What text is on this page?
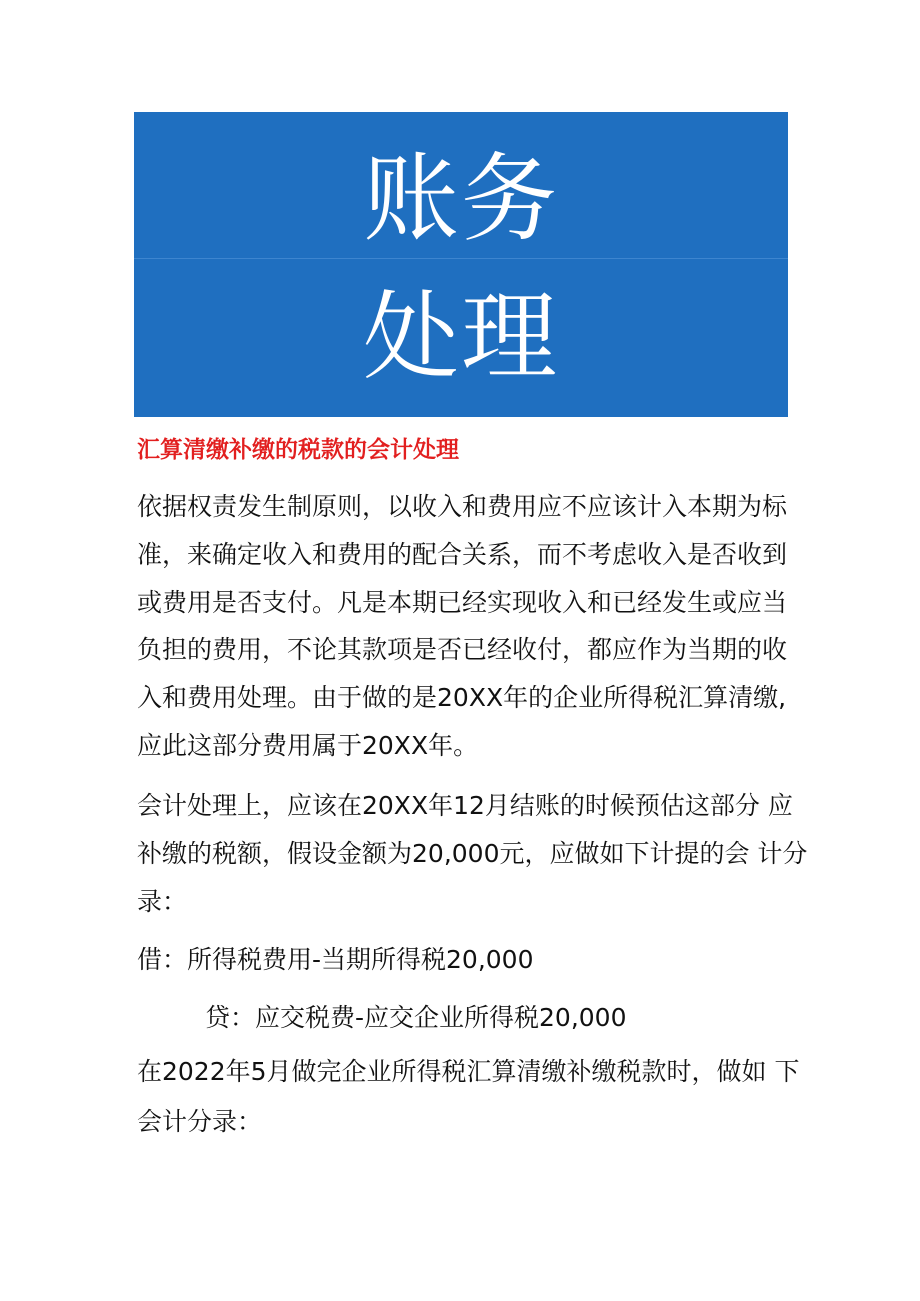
账务
处理
汇算清缴补缴的税款的会计处理
依据权责发生制原则，以收入和费用应不应该计入本期为标
准，来确定收入和费用的配合关系，而不考虑收入是否收到
或费用是否支付。凡是本期已经实现收入和已经发生或应当
负担的费用，不论其款项是否已经收付，都应作为当期的收
入和费用处理。由于做的是20XX年的企业所得税汇算清缴,
应此这部分费用属于20XX年。
会计处理上，应该在20XX年12月结账的时候预估这部分 应
补缴的税额，假设金额为20,000元，应做如下计提的会 计分
录：
借：所得税费用-当期所得税20,000
贷：应交税费-应交企业所得税20,000
在2022年5月做完企业所得税汇算清缴补缴税款时，做如 下
会计分录：
